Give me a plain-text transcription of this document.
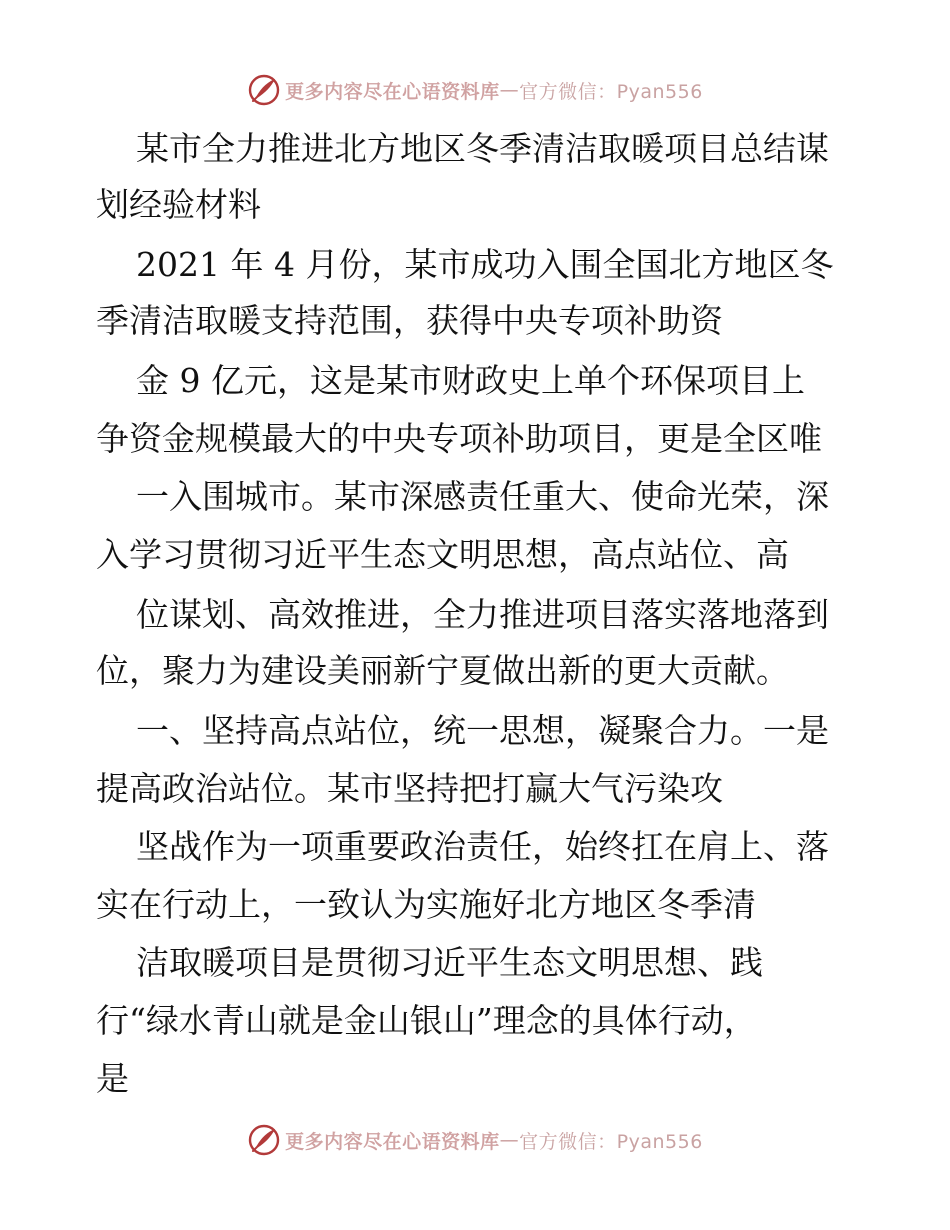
更多内容尽在心语资料库 — 官方微信：Pyan556
某市全力推进北方地区冬季清洁取暖项目总结谋
划经验材料
2021 年 4 月份，某市成功入围全国北方地区冬
季清洁取暖支持范围，获得中央专项补助资
金 9 亿元，这是某市财政史上单个环保项目上
争资金规模最大的中央专项补助项目，更是全区唯
一入围城市。某市深感责任重大、使命光荣，深
入学习贯彻习近平生态文明思想，高点站位、高
位谋划、高效推进，全力推进项目落实落地落到
位，聚力为建设美丽新宁夏做出新的更大贡献。
一、坚持高点站位，统一思想，凝聚合力。一是
提高政治站位。某市坚持把打赢大气污染攻
坚战作为一项重要政治责任，始终扛在肩上、落
实在行动上，一致认为实施好北方地区冬季清
洁取暖项目是贯彻习近平生态文明思想、践
行“绿水青山就是金山银山”理念的具体行动，
是
更多内容尽在心语资料库 — 官方微信：Pyan556
